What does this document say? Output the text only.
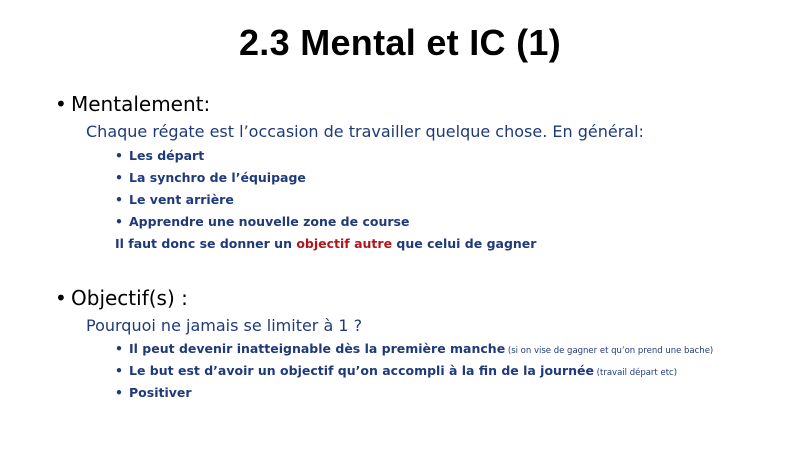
2.3 Mental et IC (1)
• Mentalement:
Chaque régate est l’occasion de travailler quelque chose. En général:
• Les départ
• La synchro de l’équipage
• Le vent arrière
• Apprendre une nouvelle zone de course
Il faut donc se donner un objectif autre que celui de gagner
• Objectif(s) :
Pourquoi ne jamais se limiter à 1 ?
• Il peut devenir inatteignable dès la première manche (si on vise de gagner et qu’on prend une bache)
• Le but est d’avoir un objectif qu’on accompli à la fin de la journée (travail départ etc)
• Positiver
